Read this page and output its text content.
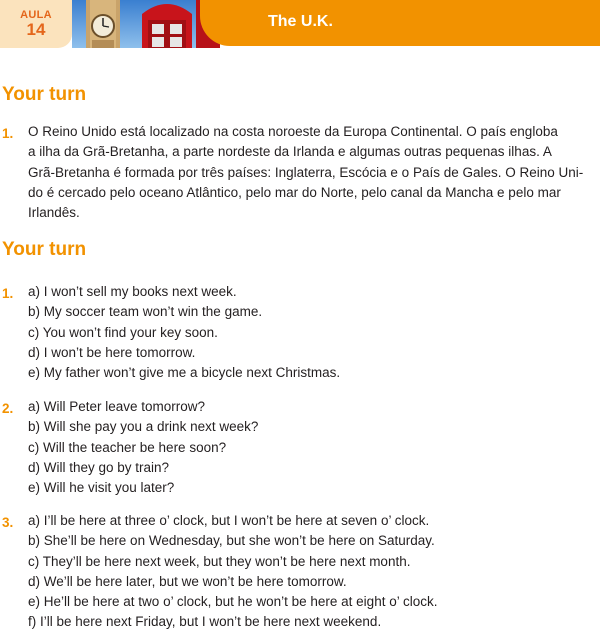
AULA
14	The U.K.
Your turn
1. O Reino Unido está localizado na costa noroeste da Europa Continental. O país engloba
a ilha da Grã-Bretanha, a parte nordeste da Irlanda e algumas outras pequenas ilhas. A
Grã-Bretanha é formada por três países: Inglaterra, Escócia e o País de Gales. O Reino Uni-
do é cercado pelo oceano Atlântico, pelo mar do Norte, pelo canal da Mancha e pelo mar
Irlandês.
Your turn
1. a) I won’t sell my books next week.
b) My soccer team won’t win the game.
c) You won’t find your key soon.
d) I won’t be here tomorrow.
e) My father won’t give me a bicycle next Christmas.
2. a) Will Peter leave tomorrow?
b) Will she pay you a drink next week?
c) Will the teacher be here soon?
d) Will they go by train?
e) Will he visit you later?
3. a) I’ll be here at three o’ clock, but I won’t be here at seven o’ clock.
b) She’ll be here on Wednesday, but she won’t be here on Saturday.
c) They’ll be here next week, but they won’t be here next month.
d) We’ll be here later, but we won’t be here tomorrow.
e) He’ll be here at two o’ clock, but he won’t be here at eight o’ clock.
f) I’ll be here next Friday, but I won’t be here next weekend.
